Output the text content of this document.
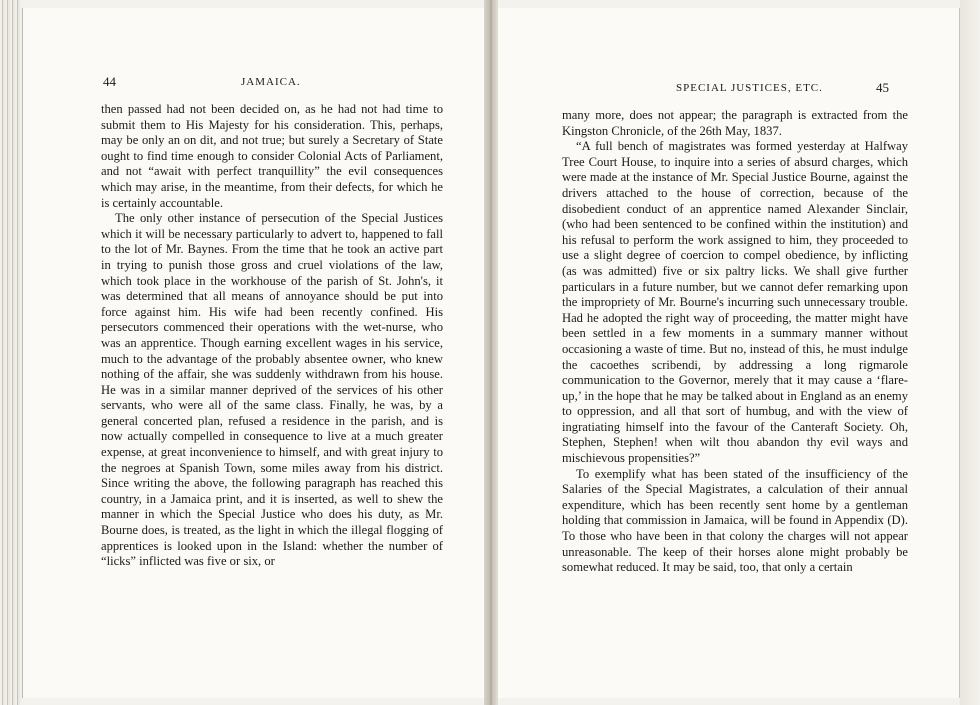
44	JAMAICA.

then passed had not been decided on, as he had not had time to submit them to His Majesty for his consideration. This, perhaps, may be only an on dit, and not true; but surely a Secretary of State ought to find time enough to consider Colonial Acts of Parliament, and not “await with perfect tranquillity” the evil consequences which may arise, in the meantime, from their defects, for which he is certainly accountable.

The only other instance of persecution of the Special Justices which it will be necessary particularly to advert to, happened to fall to the lot of Mr. Baynes. From the time that he took an active part in trying to punish those gross and cruel violations of the law, which took place in the workhouse of the parish of St. John's, it was determined that all means of annoyance should be put into force against him. His wife had been recently confined. His persecutors commenced their operations with the wet-nurse, who was an apprentice. Though earning excellent wages in his service, much to the advantage of the probably absentee owner, who knew nothing of the affair, she was suddenly withdrawn from his house. He was in a similar manner deprived of the services of his other servants, who were all of the same class. Finally, he was, by a general concerted plan, refused a residence in the parish, and is now actually compelled in consequence to live at a much greater expense, at great inconvenience to himself, and with great injury to the negroes at Spanish Town, some miles away from his district. Since writing the above, the following paragraph has reached this country, in a Jamaica print, and it is inserted, as well to shew the manner in which the Special Justice who does his duty, as Mr. Bourne does, is treated, as the light in which the illegal flogging of apprentices is looked upon in the Island: whether the number of “licks” inflicted was five or six, or

SPECIAL JUSTICES, ETC.	45

many more, does not appear; the paragraph is extracted from the Kingston Chronicle, of the 26th May, 1837.

“A full bench of magistrates was formed yesterday at Halfway Tree Court House, to inquire into a series of absurd charges, which were made at the instance of Mr. Special Justice Bourne, against the drivers attached to the house of correction, because of the disobedient conduct of an apprentice named Alexander Sinclair, (who had been sentenced to be confined within the institution) and his refusal to perform the work assigned to him, they proceeded to use a slight degree of coercion to compel obedience, by inflicting (as was admitted) five or six paltry licks. We shall give further particulars in a future number, but we cannot defer remarking upon the impropriety of Mr. Bourne's incurring such unnecessary trouble. Had he adopted the right way of proceeding, the matter might have been settled in a few moments in a summary manner without occasioning a waste of time. But no, instead of this, he must indulge the cacoethes scribendi, by addressing a long rigmarole communication to the Governor, merely that it may cause a ‘flare-up,’ in the hope that he may be talked about in England as an enemy to oppression, and all that sort of humbug, and with the view of ingratiating himself into the favour of the Canteraft Society. Oh, Stephen, Stephen! when wilt thou abandon thy evil ways and mischievous propensities?”

To exemplify what has been stated of the insufficiency of the Salaries of the Special Magistrates, a calculation of their annual expenditure, which has been recently sent home by a gentleman holding that commission in Jamaica, will be found in Appendix (D). To those who have been in that colony the charges will not appear unreasonable. The keep of their horses alone might probably be somewhat reduced. It may be said, too, that only a certain
